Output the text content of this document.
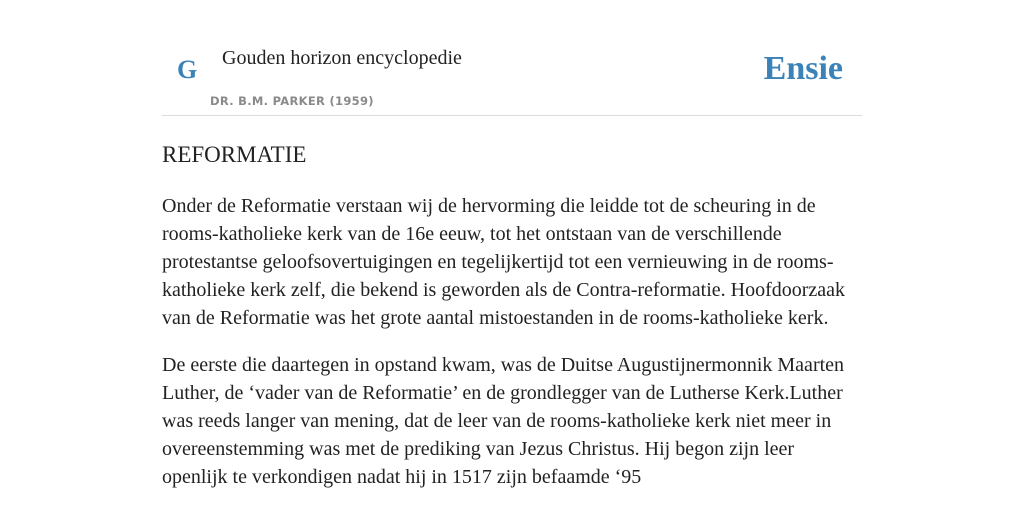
G Gouden horizon encyclopedie
DR. B.M. PARKER (1959)
Ensie
REFORMATIE

Onder de Reformatie verstaan wij de hervorming die leidde tot de scheuring in de rooms-katholieke kerk van de 16e eeuw, tot het ontstaan van de verschillende protestantse geloofsovertuigingen en tegelijkertijd tot een vernieuwing in de rooms-katholieke kerk zelf, die bekend is geworden als de Contra-reformatie. Hoofdoorzaak van de Reformatie was het grote aantal mistoestanden in de rooms-katholieke kerk.

De eerste die daartegen in opstand kwam, was de Duitse Augustijnermonnik Maarten Luther, de ‘vader van de Reformatie’ en de grondlegger van de Lutherse Kerk.Luther was reeds langer van mening, dat de leer van de rooms-katholieke kerk niet meer in overeenstemming was met de prediking van Jezus Christus. Hij begon zijn leer openlijk te verkondigen nadat hij in 1517 zijn befaamde ‘95
